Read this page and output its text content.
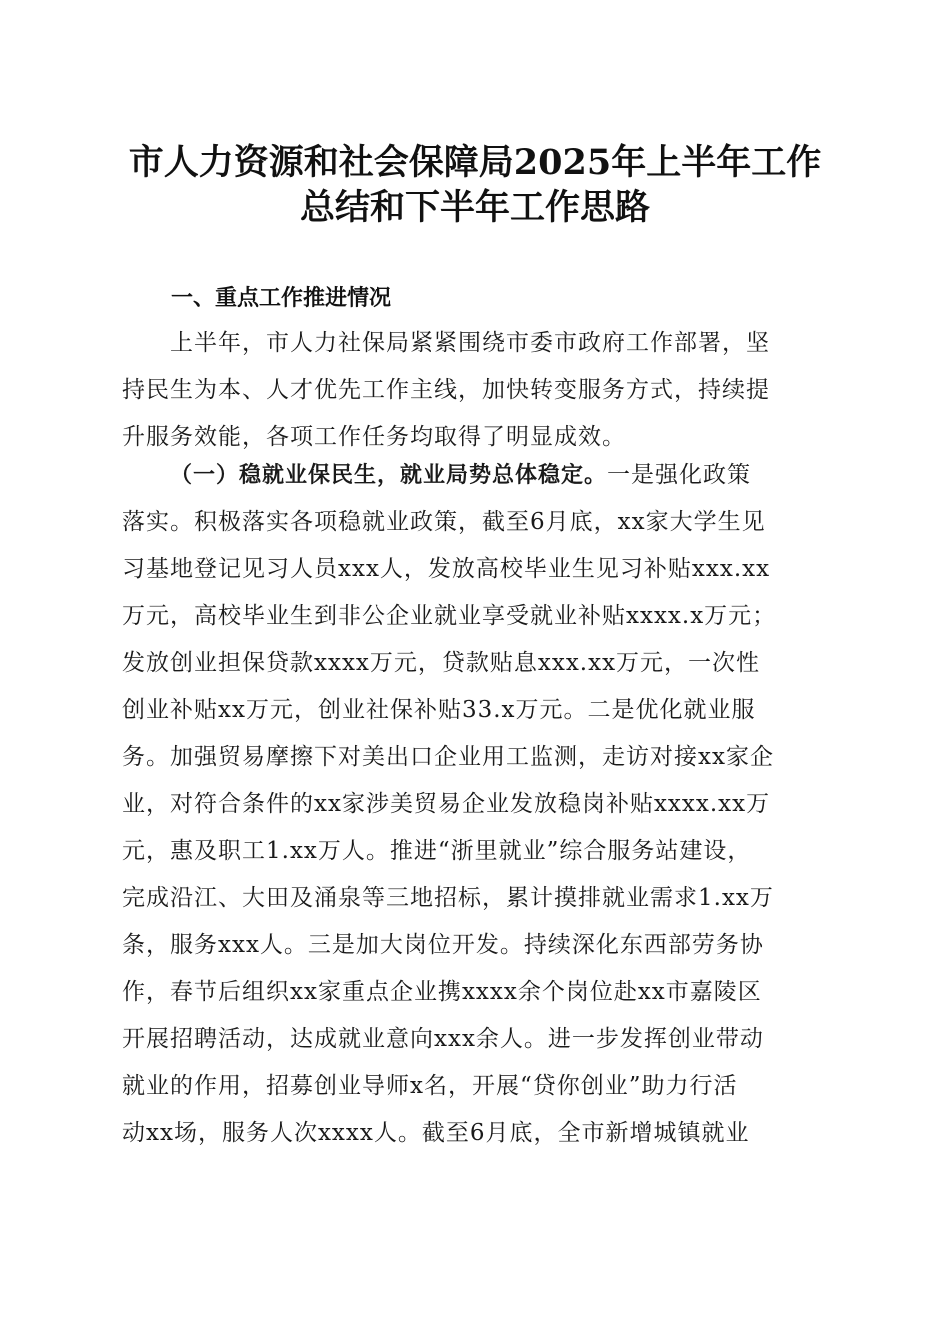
市人力资源和社会保障局2025年上半年工作
总结和下半年工作思路
一、重点工作推进情况
上半年，市人力社保局紧紧围绕市委市政府工作部署，坚
持民生为本、人才优先工作主线，加快转变服务方式，持续提
升服务效能，各项工作任务均取得了明显成效。
（一）稳就业保民生，就业局势总体稳定。一是强化政策
落实。积极落实各项稳就业政策，截至6月底，xx家大学生见
习基地登记见习人员xxx人，发放高校毕业生见习补贴xxx.xx
万元，高校毕业生到非公企业就业享受就业补贴xxxx.x万元；
发放创业担保贷款xxxx万元，贷款贴息xxx.xx万元，一次性
创业补贴xx万元，创业社保补贴33.x万元。二是优化就业服
务。加强贸易摩擦下对美出口企业用工监测，走访对接xx家企
业，对符合条件的xx家涉美贸易企业发放稳岗补贴xxxx.xx万
元，惠及职工1.xx万人。推进“浙里就业”综合服务站建设，
完成沿江、大田及涌泉等三地招标，累计摸排就业需求1.xx万
条，服务xxx人。三是加大岗位开发。持续深化东西部劳务协
作，春节后组织xx家重点企业携xxxx余个岗位赴xx市嘉陵区
开展招聘活动，达成就业意向xxx余人。进一步发挥创业带动
就业的作用，招募创业导师x名，开展“贷你创业”助力行活
动xx场，服务人次xxxx人。截至6月底，全市新增城镇就业
